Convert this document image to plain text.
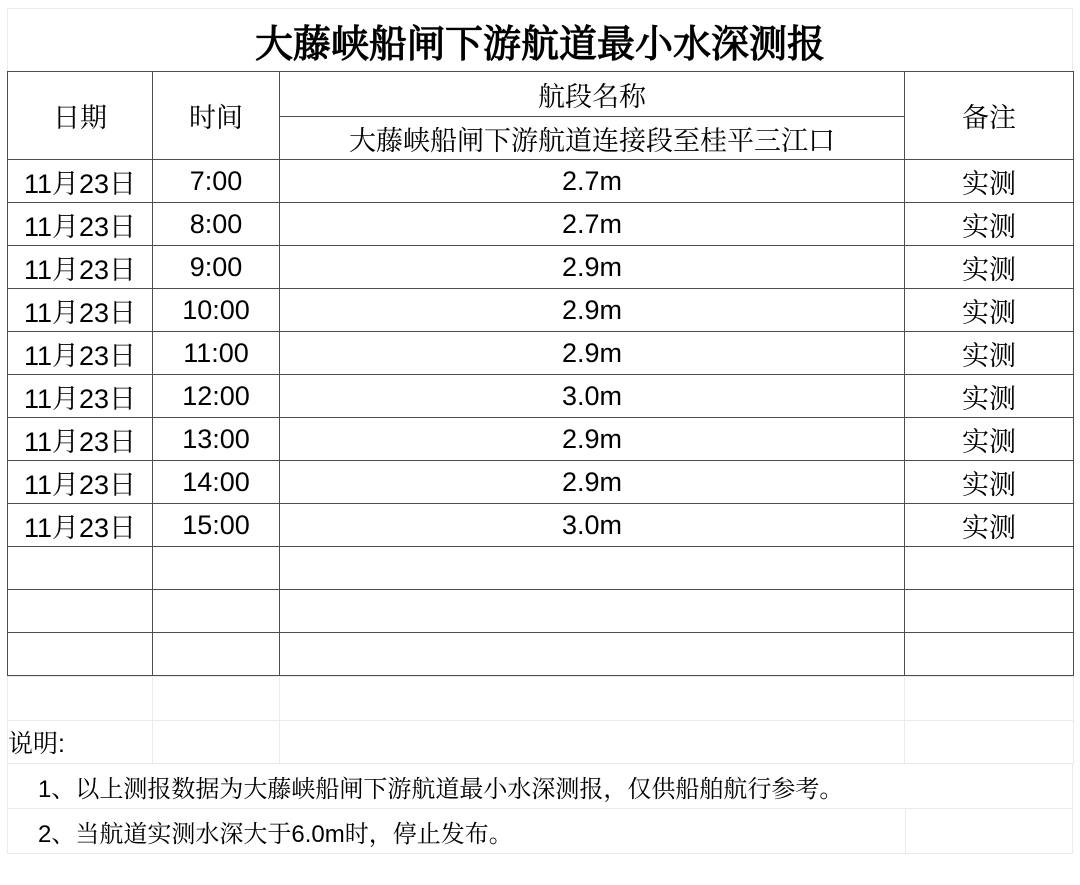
大藤峡船闸下游航道最小水深测报
日期	时间	航段名称	备注
		大藤峡船闸下游航道连接段至桂平三江口	
11月23日	7:00	2.7m	实测
11月23日	8:00	2.7m	实测
11月23日	9:00	2.9m	实测
11月23日	10:00	2.9m	实测
11月23日	11:00	2.9m	实测
11月23日	12:00	3.0m	实测
11月23日	13:00	2.9m	实测
11月23日	14:00	2.9m	实测
11月23日	15:00	3.0m	实测

说明:			
1、以上测报数据为大藤峡船闸下游航道最小水深测报，仅供船舶航行参考。
2、当航道实测水深大于6.0m时，停止发布。
